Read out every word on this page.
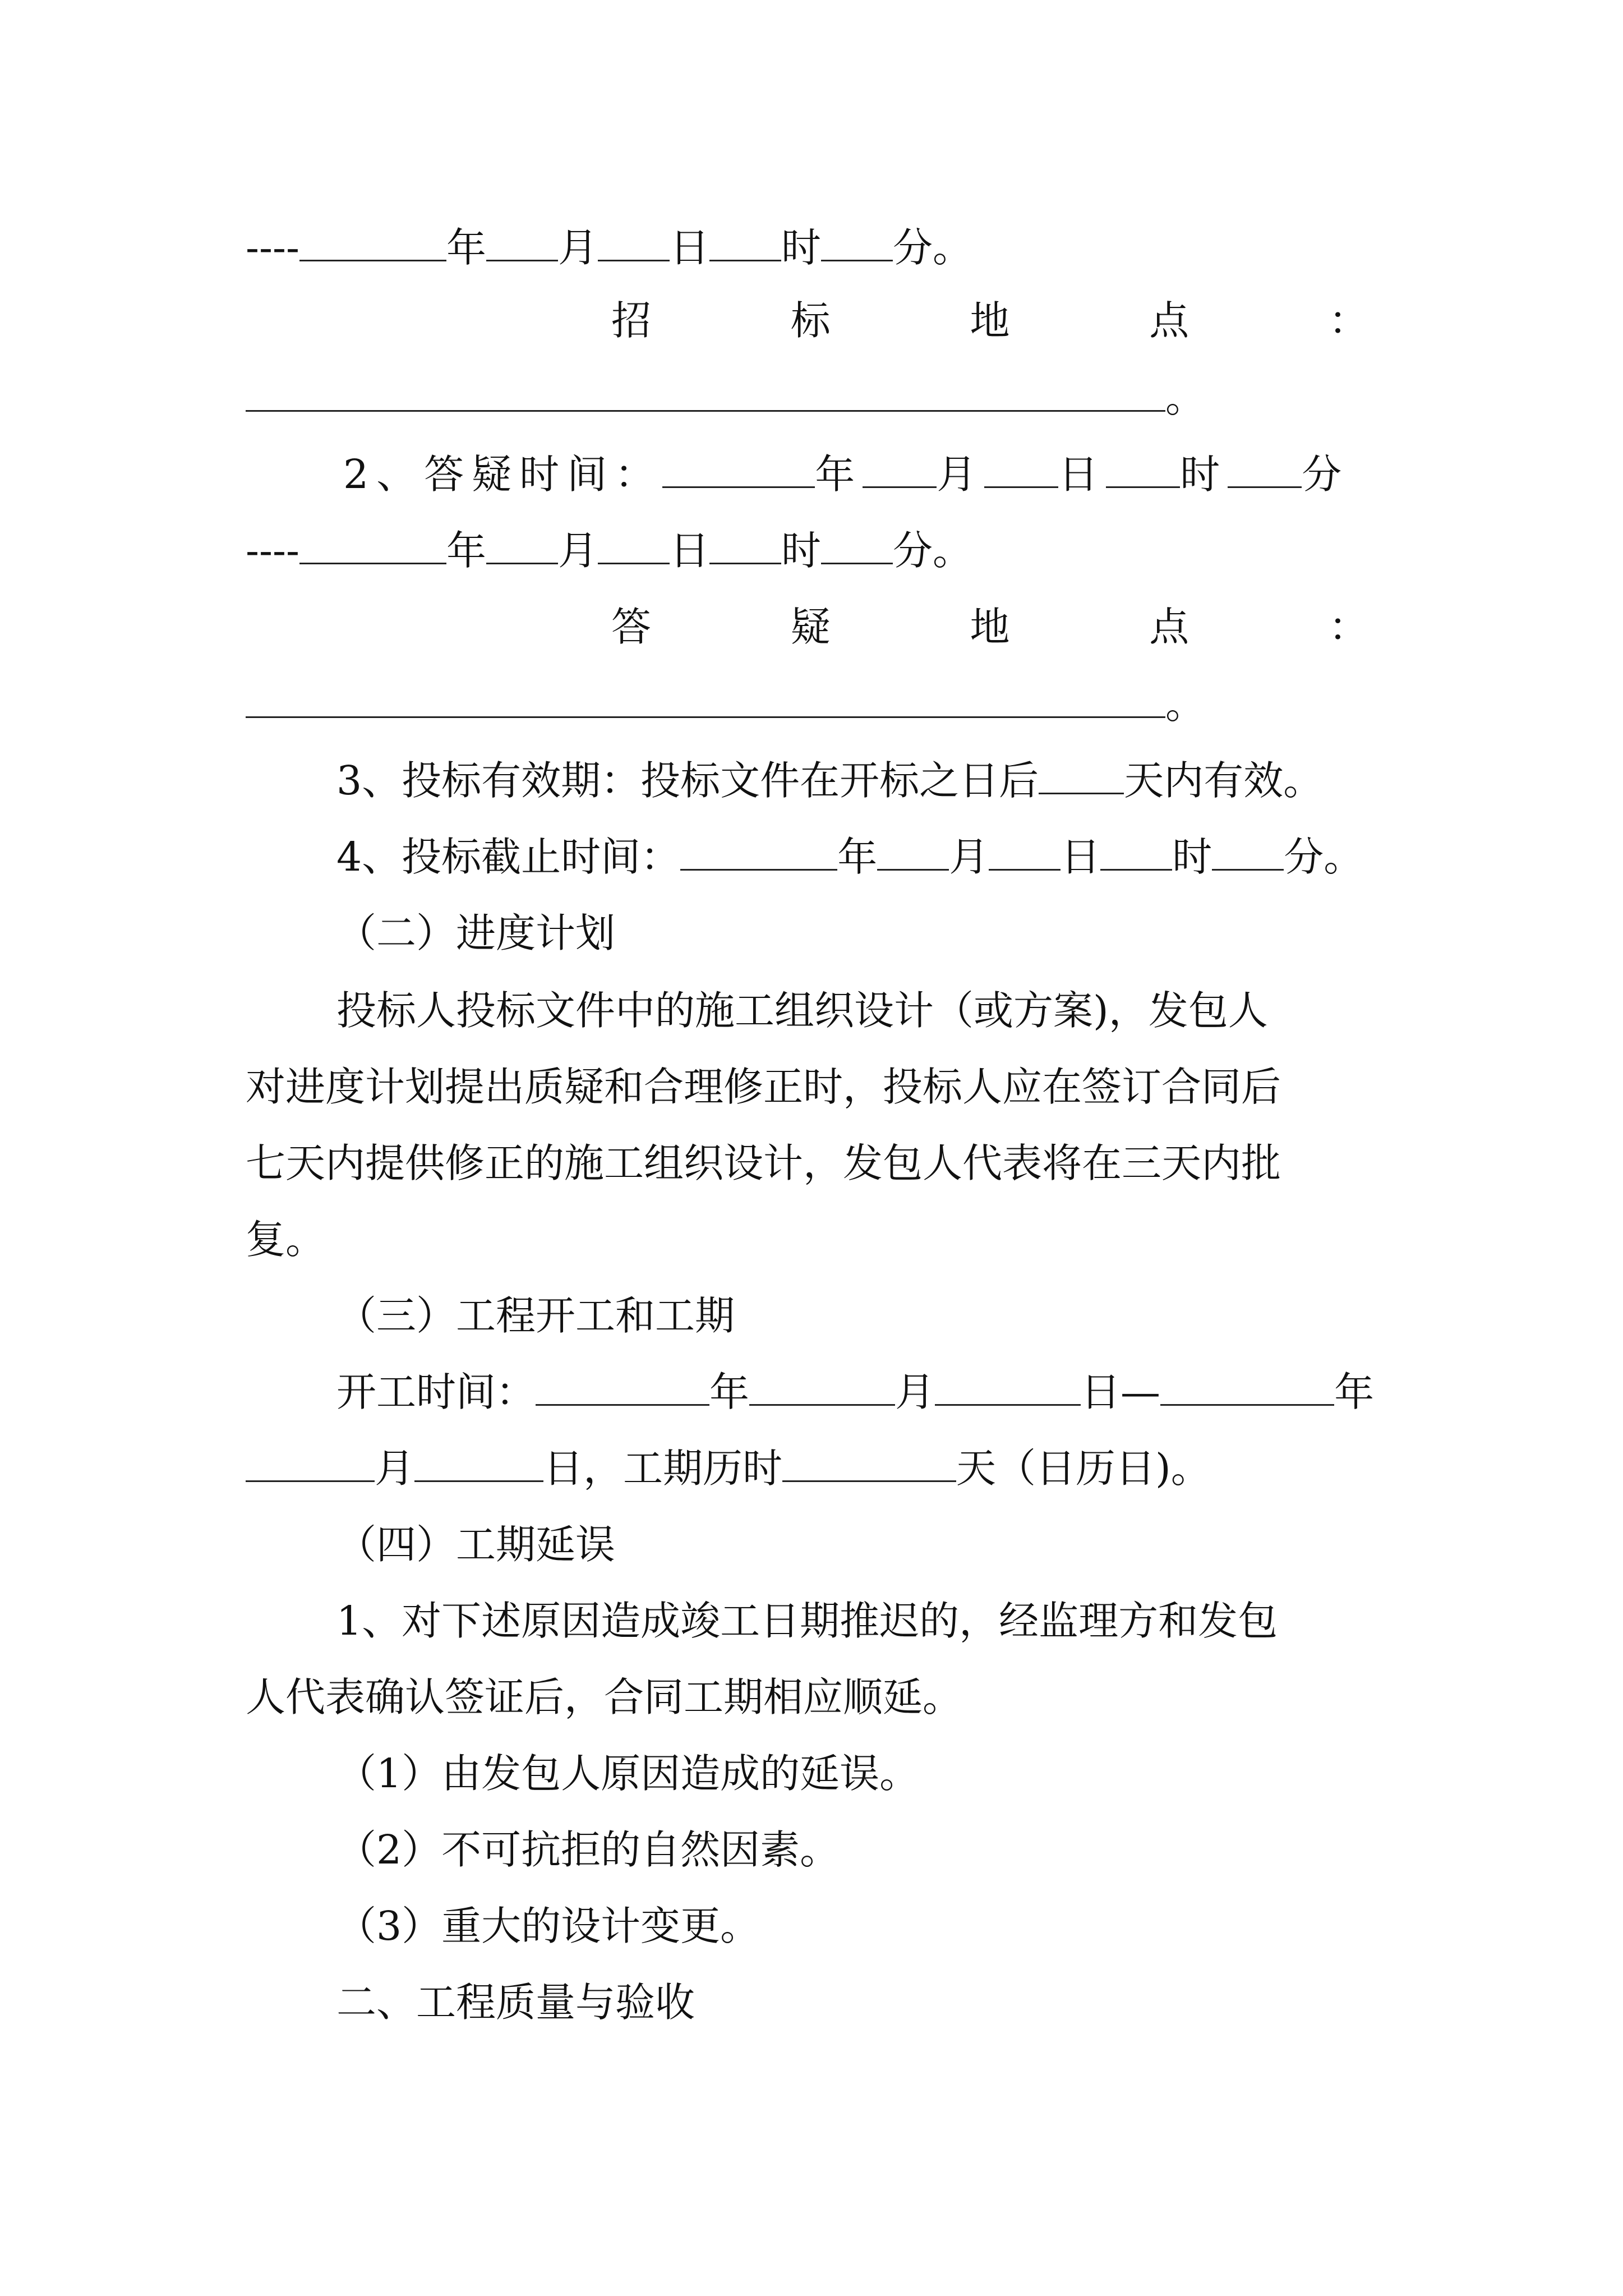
----	年 月 日 时 分。

招	标	地	点	：

。

2、答疑时间：	年 月 日 时 分

----	年 月 日 时 分。

答	疑	地	点	：

。

3、投标有效期：投标文件在开标之日后 天内有效。

4、投标截止时间：	年 月 日 时 分。

（二）进度计划

投标人投标文件中的施工组织设计（或方案)，发包人

对进度计划提出质疑和合理修正时，投标人应在签订合同后

七天内提供修正的施工组织设计，发包人代表将在三天内批

复。

（三）工程开工和工期

开工时间：	年	月	日—	年

月	日，工期历时	天（日历日)。

（四）工期延误

1、对下述原因造成竣工日期推迟的，经监理方和发包

人代表确认签证后，合同工期相应顺延。

（1）由发包人原因造成的延误。

（2）不可抗拒的自然因素。

（3）重大的设计变更。

二、工程质量与验收
